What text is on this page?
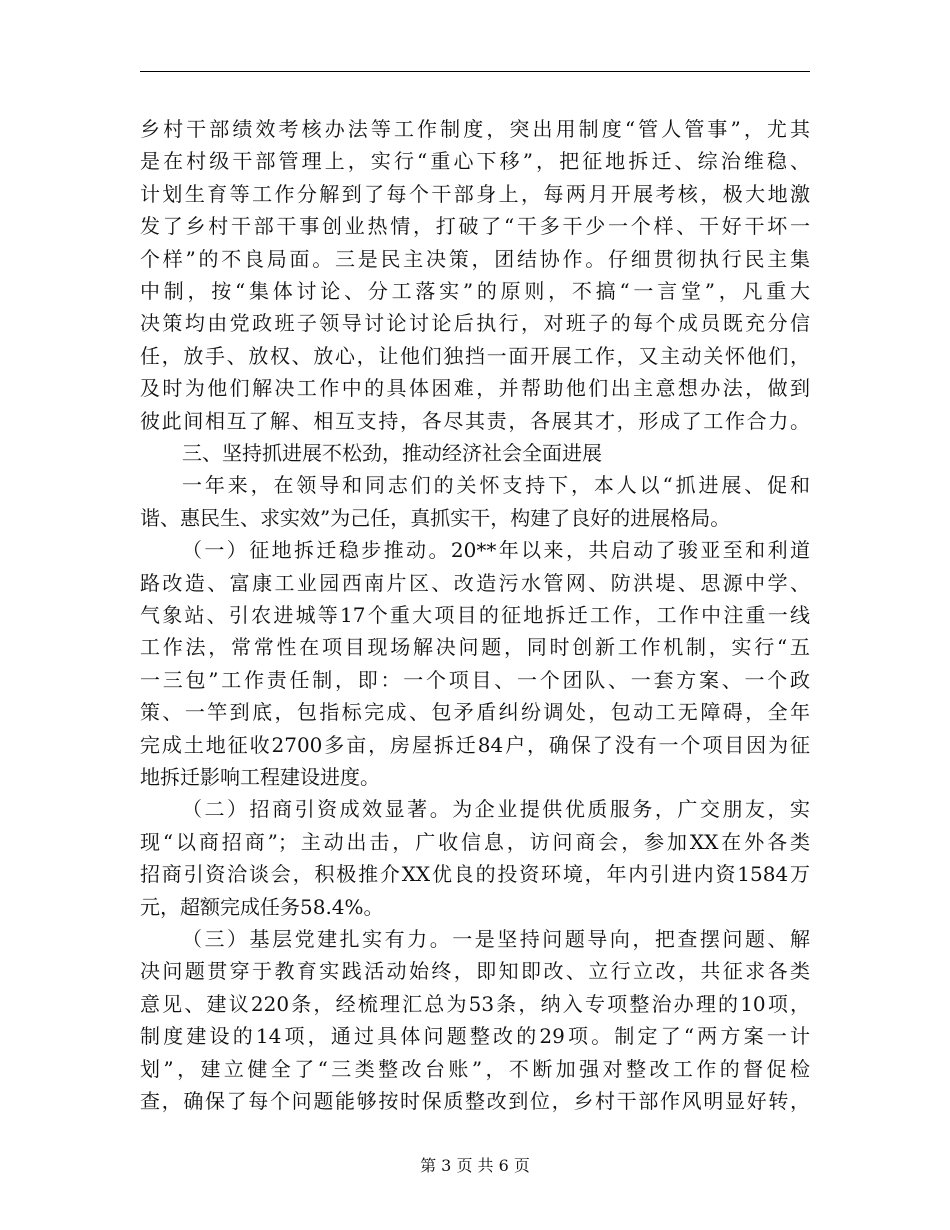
乡村干部绩效考核办法等工作制度，突出用制度“管人管事”，尤其
是在村级干部管理上，实行“重心下移”，把征地拆迁、综治维稳、
计划生育等工作分解到了每个干部身上，每两月开展考核，极大地激
发了乡村干部干事创业热情，打破了“干多干少一个样、干好干坏一
个样”的不良局面。三是民主决策，团结协作。仔细贯彻执行民主集
中制，按“集体讨论、分工落实”的原则，不搞“一言堂”，凡重大
决策均由党政班子领导讨论讨论后执行，对班子的每个成员既充分信
任，放手、放权、放心，让他们独挡一面开展工作，又主动关怀他们，
及时为他们解决工作中的具体困难，并帮助他们出主意想办法，做到
彼此间相互了解、相互支持，各尽其责，各展其才，形成了工作合力。
三、坚持抓进展不松劲，推动经济社会全面进展
一年来，在领导和同志们的关怀支持下，本人以“抓进展、促和
谐、惠民生、求实效”为己任，真抓实干，构建了良好的进展格局。
（一）征地拆迁稳步推动。20**年以来，共启动了骏亚至和利道
路改造、富康工业园西南片区、改造污水管网、防洪堤、思源中学、
气象站、引农进城等17个重大项目的征地拆迁工作，工作中注重一线
工作法，常常性在项目现场解决问题，同时创新工作机制，实行“五
一三包”工作责任制，即：一个项目、一个团队、一套方案、一个政
策、一竿到底，包指标完成、包矛盾纠纷调处，包动工无障碍，全年
完成土地征收2700多亩，房屋拆迁84户，确保了没有一个项目因为征
地拆迁影响工程建设进度。
（二）招商引资成效显著。为企业提供优质服务，广交朋友，实
现“以商招商”；主动出击，广收信息，访问商会，参加XX在外各类
招商引资洽谈会，积极推介XX优良的投资环境，年内引进内资1584万
元，超额完成任务58.4%。
（三）基层党建扎实有力。一是坚持问题导向，把查摆问题、解
决问题贯穿于教育实践活动始终，即知即改、立行立改，共征求各类
意见、建议220条，经梳理汇总为53条，纳入专项整治办理的10项，
制度建设的14项，通过具体问题整改的29项。制定了“两方案一计
划”，建立健全了“三类整改台账”，不断加强对整改工作的督促检
查，确保了每个问题能够按时保质整改到位，乡村干部作风明显好转，
第 3 页 共 6 页
